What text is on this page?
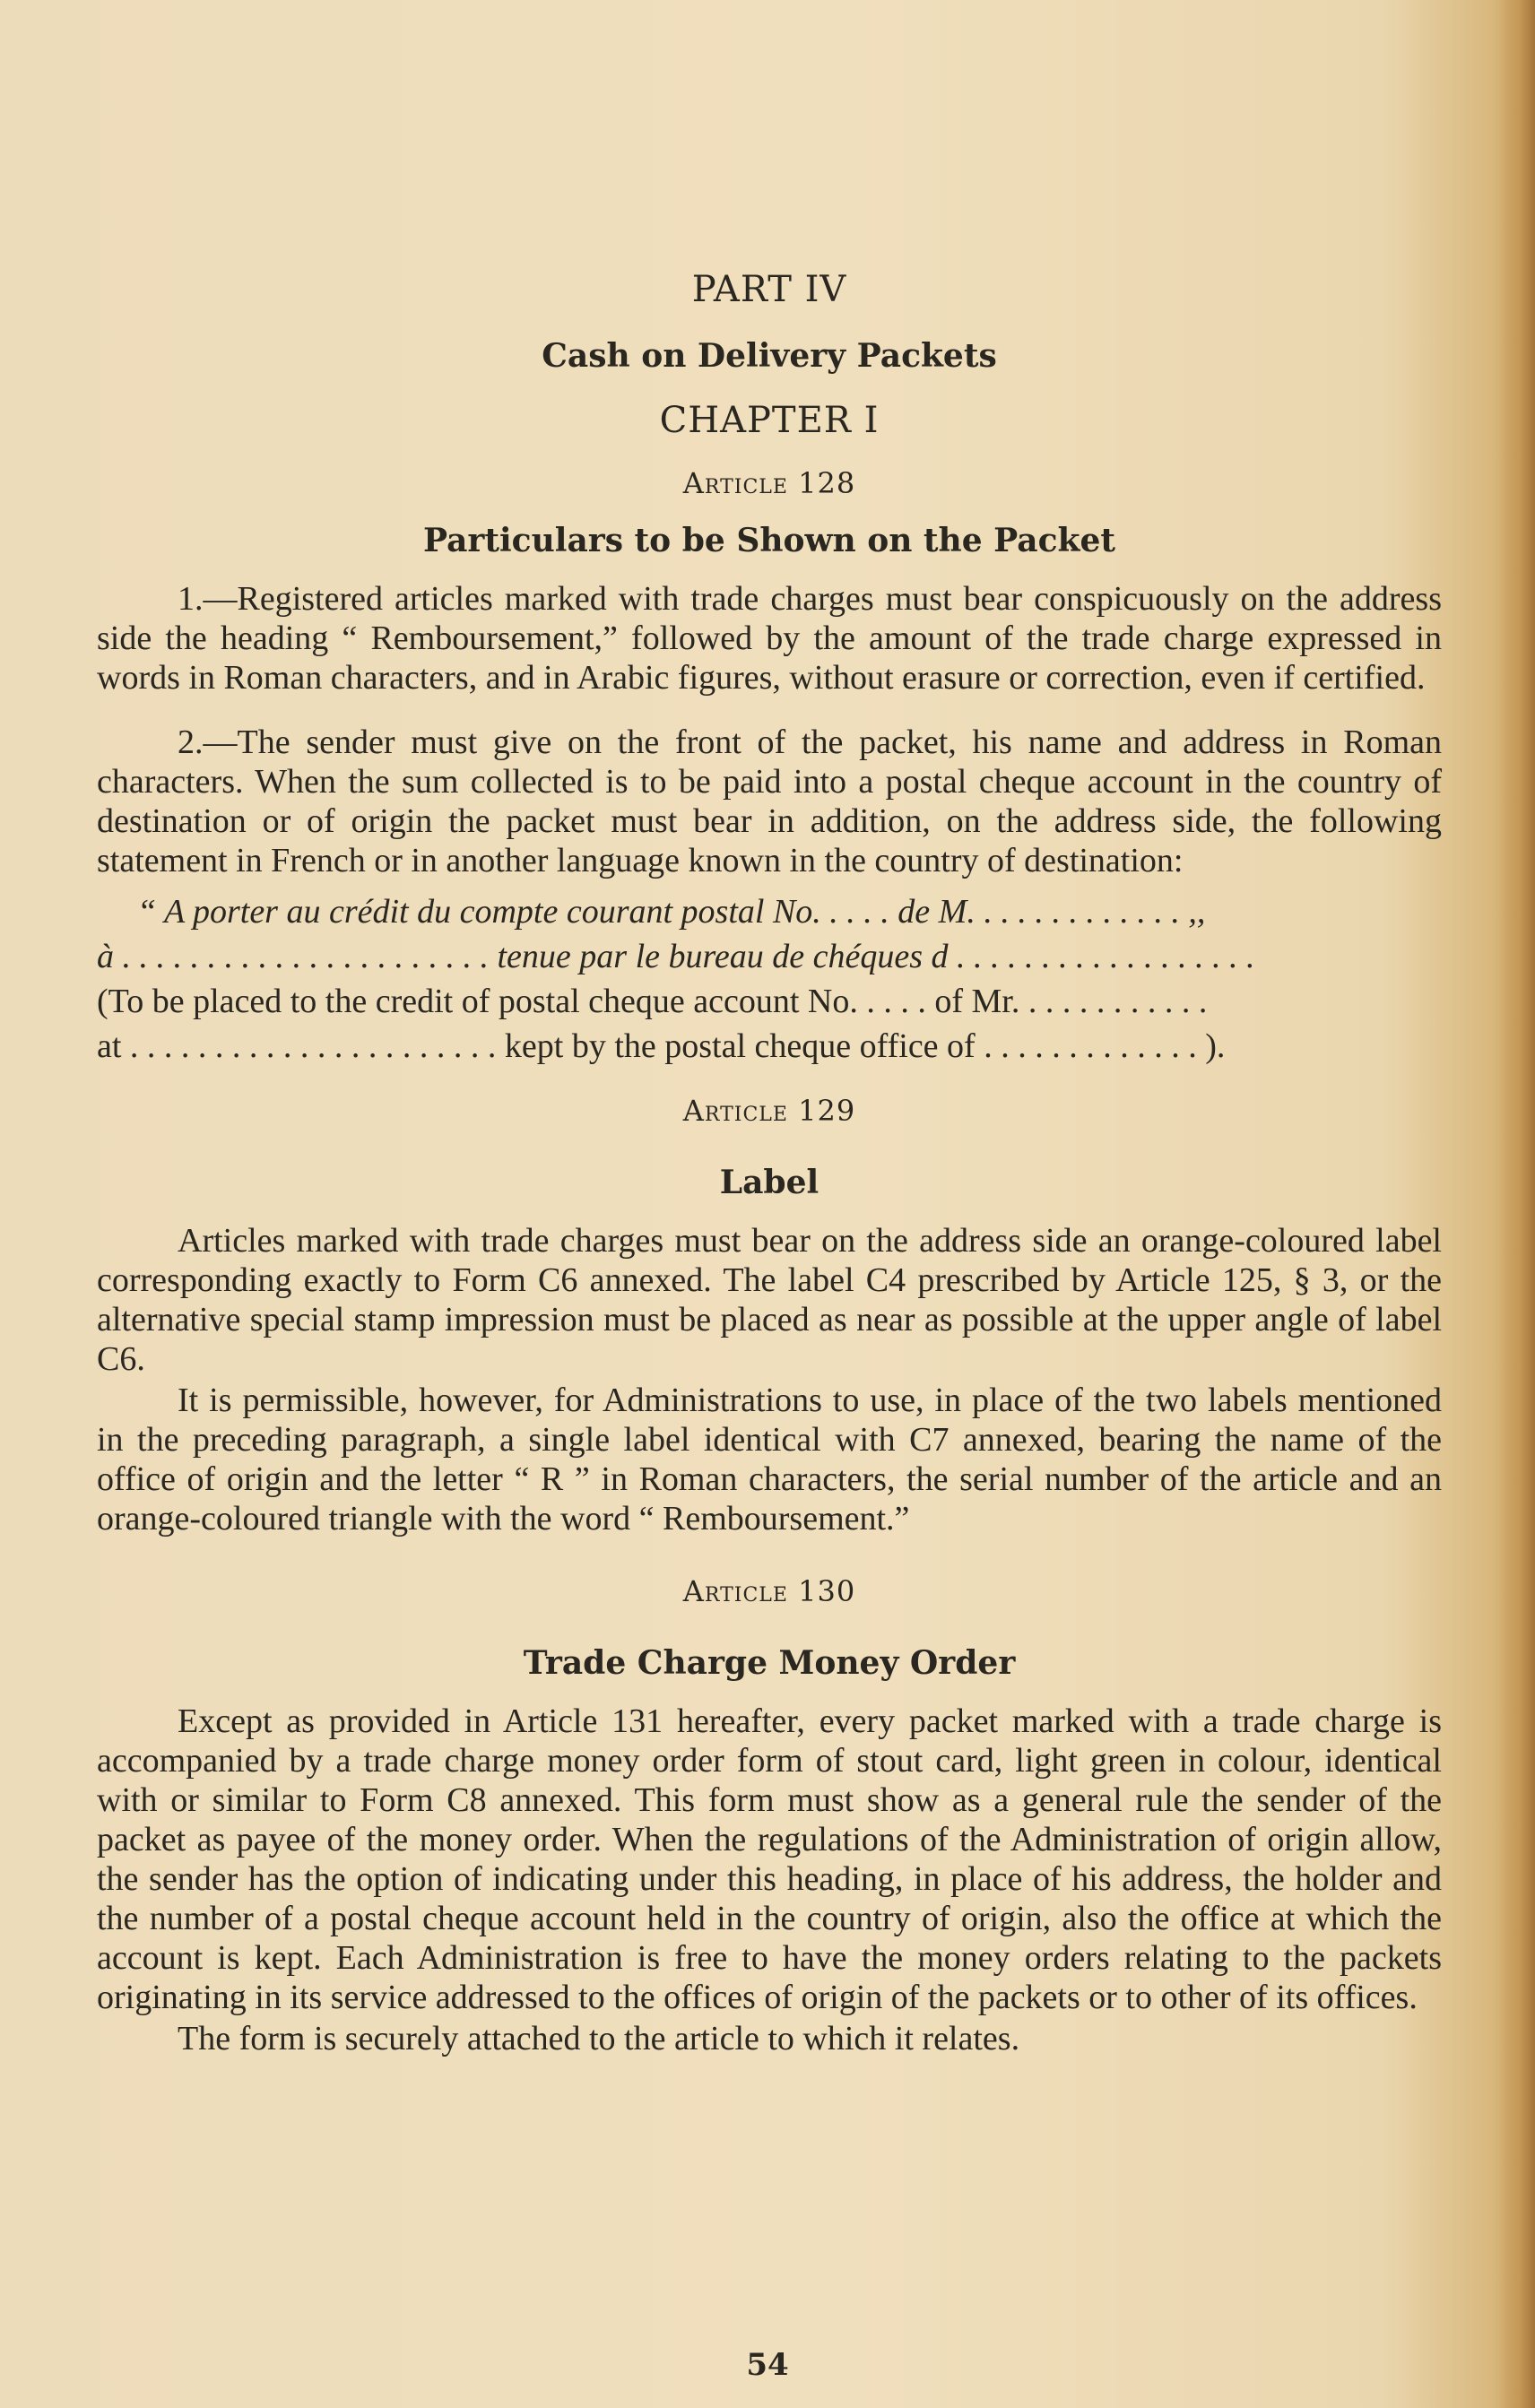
PART IV
Cash on Delivery Packets
CHAPTER I
Article 128
Particulars to be Shown on the Packet

1.—Registered articles marked with trade charges must bear conspicuously on the address side the heading “ Remboursement,” followed by the amount of the trade charge expressed in words in Roman characters, and in Arabic figures, without erasure or correction, even if certified.

2.—The sender must give on the front of the packet, his name and address in Roman characters. When the sum collected is to be paid into a postal cheque account in the country of destination or of origin the packet must bear in addition, on the address side, the following statement in French or in another language known in the country of destination:

“ A porter au crédit du compte courant postal No. . . . . de M. . . . . . . . . . . . . ,,

à . . . . . . . . . . . . . . . . . . . . . . tenue par le bureau de chéques d . . . . . . . . . . . . . . . . . .

(To be placed to the credit of postal cheque account No. . . . . of Mr. . . . . . . . . . . .

at . . . . . . . . . . . . . . . . . . . . . . kept by the postal cheque office of . . . . . . . . . . . . . ).

Article 129
Label

Articles marked with trade charges must bear on the address side an orange-coloured label corresponding exactly to Form C6 annexed. The label C4 prescribed by Article 125, § 3, or the alternative special stamp impression must be placed as near as possible at the upper angle of label C6.

It is permissible, however, for Administrations to use, in place of the two labels mentioned in the preceding paragraph, a single label identical with C7 annexed, bearing the name of the office of origin and the letter “ R ” in Roman characters, the serial number of the article and an orange-coloured triangle with the word “ Remboursement.”

Article 130
Trade Charge Money Order

Except as provided in Article 131 hereafter, every packet marked with a trade charge is accompanied by a trade charge money order form of stout card, light green in colour, identical with or similar to Form C8 annexed. This form must show as a general rule the sender of the packet as payee of the money order. When the regulations of the Administration of origin allow, the sender has the option of indicating under this heading, in place of his address, the holder and the number of a postal cheque account held in the country of origin, also the office at which the account is kept. Each Administration is free to have the money orders relating to the packets originating in its service addressed to the offices of origin of the packets or to other of its offices.

The form is securely attached to the article to which it relates.

54
